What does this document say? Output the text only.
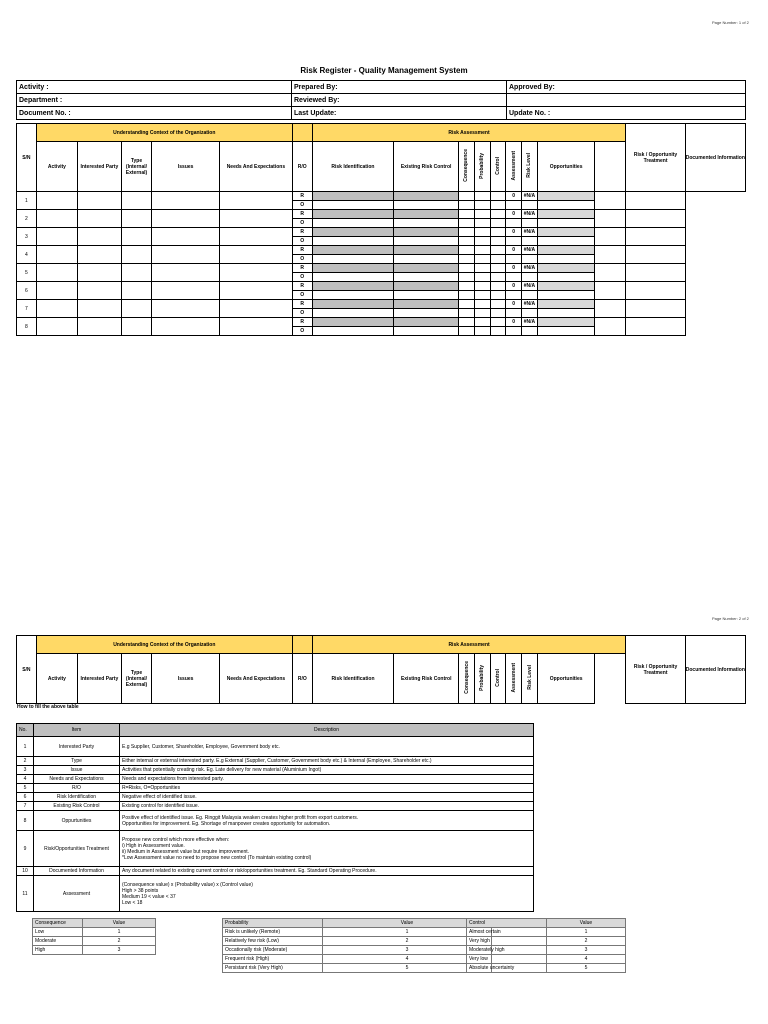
Page Number: 1 of 2
Risk Register - Quality Management System
Activity :	Prepared By:	Approved By:
Department :	Reviewed By:	
Document No. :	Last Update:	Update No. :
S/N	Understanding Context of the Organization						Risk Assessment									Risk / Opportunity Treatment	Documented Information
	Activity	Interested Party	Type (Internal/ External)	Issues	Needs And Expectations	R/O	Risk Identification	Existing Risk Control	Consequence	Probability	Control	Assessment	Risk Level	Opportunities			
1						R						0	#N/A				
						O											
2						R						0	#N/A				
						O											
3						R						0	#N/A				
						O											
4						R						0	#N/A				
						O											
5						R						0	#N/A				
						O											
6						R						0	#N/A				
						O											
7						R						0	#N/A				
						O											
8						R						0	#N/A				
						O											
Page Number: 2 of 2
S/N	Understanding Context of the Organization						Risk Assessment								Risk / Opportunity Treatment	Documented Information
	Activity	Interested Party	Type (Internal/ External)	Issues	Needs And Expectations	R/O	Risk Identification	Existing Risk Control	Consequence	Probability	Control	Assessment	Risk Level	Opportunities		
How to fill the above table
No.	Item	Description
1	Interested Party	E.g Supplier, Customer, Shareholder, Employee, Government body etc.

2	Type	Either internal or external interested party. E.g External (Supplier, Customer, Government body etc.) & Internal (Employee, Shareholder etc.)

3	Issue	Activities that potentially creating risk. Eg. Late delivery for new material (Aluminium Ingot)

4	Needs and Expectations	Needs and expectations from interested party.

5	R/O	R=Risks, O=Opportunities

6	Risk Identification	Negative effect of identified issue.

7	Existing Risk Control	Existing control for identified issue.

8	Oppurtunities	Positive effect of identified issue. Eg. Ringgit Malaysia weaken creates higher profit from export customers.
Opportunities for improvement. Eg. Shortage of manpower creates opportunity for automation.

9	Risk/Opportunities Treatment	Propose new control which more effective when:
i) High in Assessment value.
ii) Medium in Assessment value but require improvement.
*Low Assessment value no need to propose new control (To maintain existing control)

10	Documented Information	Any document related to existing current control or risk/opportunities treatment. Eg. Standard Operating Procedure.

11	Assessment	(Consequence value) x (Probability value) x (Control value)
High > 38 points
Medium 19 < value < 37
Low < 18
Consequence	Value
Low	1
Moderate	2
High	3
Probability	Value
Risk is unlikely (Remote)	1
Relatively few risk (Low)	2
Occationally risk (Moderate)	3
Frequent risk (High)	4
Persistant risk (Very High)	5
Control	Value
Almost certain	1
Very high	2
Moderately high	3
Very low	4
Absolute uncertainty	5
